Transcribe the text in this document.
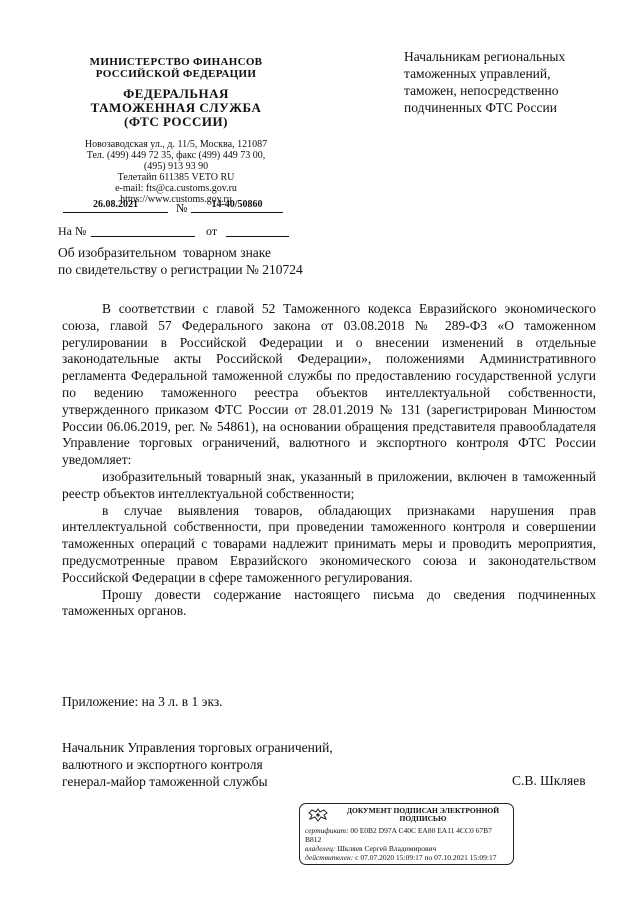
МИНИСТЕРСТВО ФИНАНСОВ
РОССИЙСКОЙ ФЕДЕРАЦИИ
ФЕДЕРАЛЬНАЯ
ТАМОЖЕННАЯ СЛУЖБА
(ФТС РОССИИ)
Новозаводская ул., д. 11/5, Москва, 121087
Тел. (499) 449 72 35, факс (499) 449 73 00,
(495) 913 93 90
Телетайп 611385 VETO RU
e-mail: fts@ca.customs.gov.ru
https://www.customs.gov.ru
26.08.2021	№	14-40/50860
На №	от
Об изобразительном  товарном знаке
по свидетельству о регистрации № 210724
Начальникам региональных
таможенных управлений,
таможен, непосредственно
подчиненных ФТС России

В соответствии с главой 52 Таможенного кодекса Евразийского экономического союза, главой 57 Федерального закона от 03.08.2018 № 289-ФЗ «О таможенном регулировании в Российской Федерации и о внесении изменений в отдельные законодательные акты Российской Федерации», положениями Административного регламента Федеральной таможенной службы по предоставлению государственной услуги по ведению таможенного реестра объектов интеллектуальной собственности, утвержденного приказом ФТС России от 28.01.2019 № 131 (зарегистрирован Минюстом России 06.06.2019, рег. № 54861), на основании обращения представителя правообладателя Управление торговых ограничений, валютного и экспортного контроля ФТС России уведомляет:

изобразительный товарный знак, указанный в приложении, включен в таможенный реестр объектов интеллектуальной собственности;

в случае выявления товаров, обладающих признаками нарушения прав интеллектуальной собственности, при проведении таможенного контроля и совершении таможенных операций с товарами надлежит принимать меры и проводить мероприятия, предусмотренные правом Евразийского экономического союза и законодательством Российской Федерации в сфере таможенного регулирования.

Прошу довести содержание настоящего письма до сведения подчиненных таможенных органов.

Приложение: на 3 л. в 1 экз.
Начальник Управления торговых ограничений,
валютного и экспортного контроля
генерал-майор таможенной службы	С.В. Шкляев
ДОКУМЕНТ ПОДПИСАН ЭЛЕКТРОННОЙ
ПОДПИСЬЮ
сертификат: 00 E0B2 D97A C40C EA80 EA11 4CC0 67B7
B812
владелец: Шкляев Сергей Владимирович
действителен: с 07.07.2020 15:09:17 по 07.10.2021 15:09:17
